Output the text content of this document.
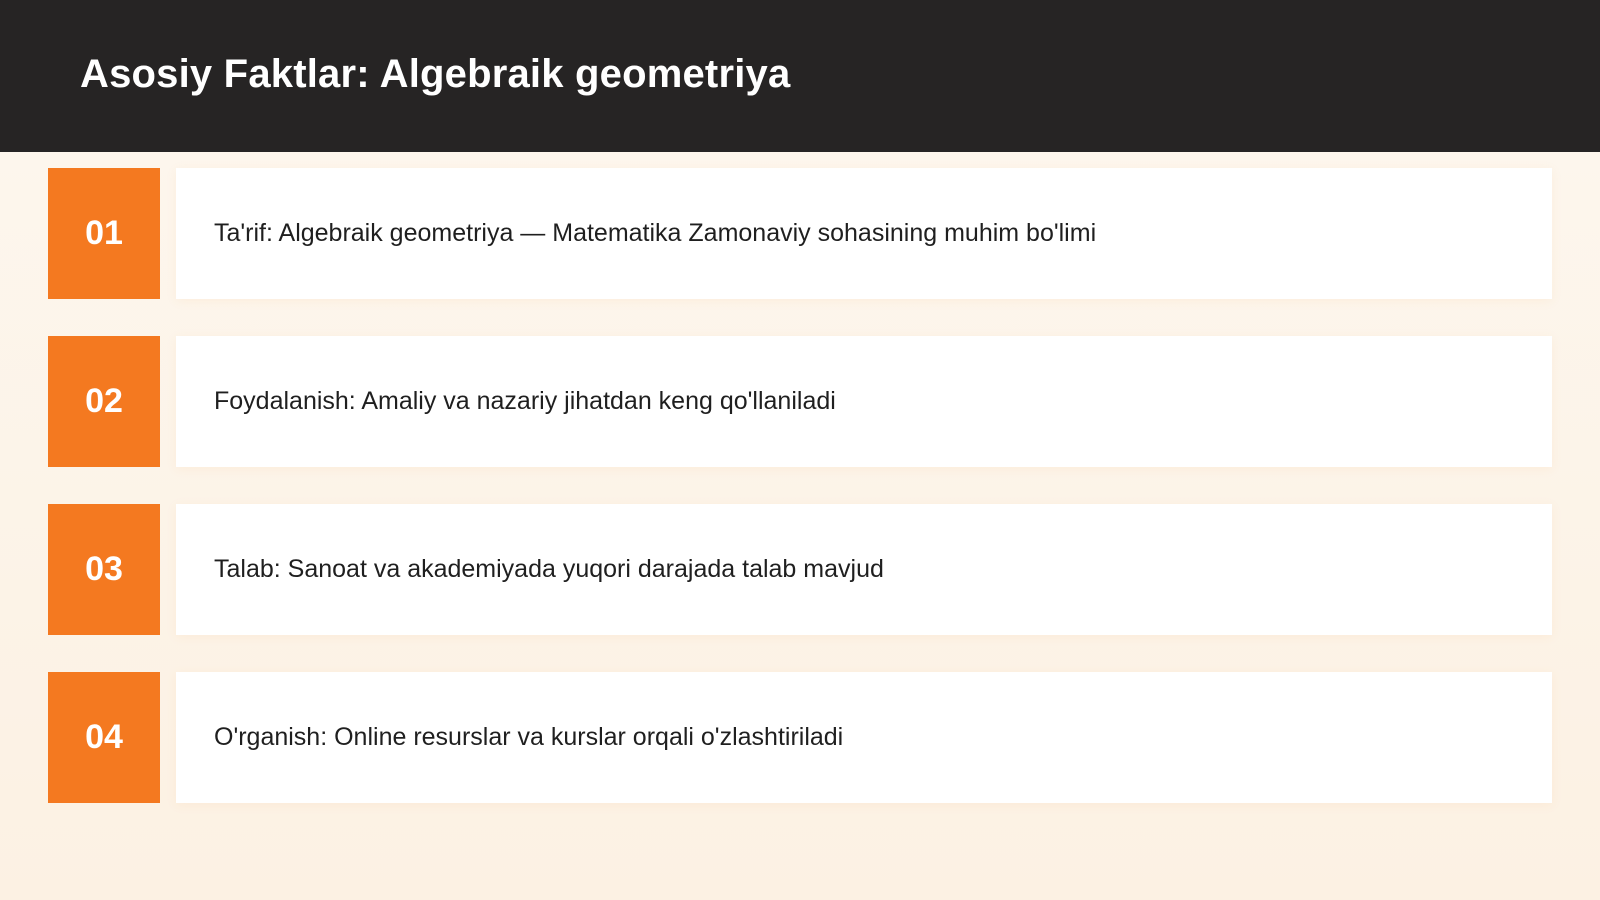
Asosiy Faktlar: Algebraik geometriya
01	Ta'rif: Algebraik geometriya — Matematika Zamonaviy sohasining muhim bo'limi
02	Foydalanish: Amaliy va nazariy jihatdan keng qo'llaniladi
03	Talab: Sanoat va akademiyada yuqori darajada talab mavjud
04	O'rganish: Online resurslar va kurslar orqali o'zlashtiriladi
